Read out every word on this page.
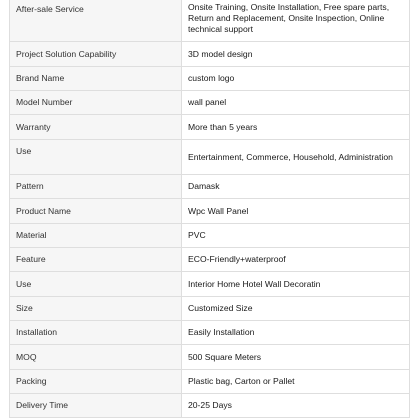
After-sale Service	Onsite Training, Onsite Installation, Free spare parts, Return and Replacement, Onsite Inspection, Online technical support
Project Solution Capability	3D model design
Brand Name	custom logo
Model Number	wall panel
Warranty	More than 5 years
Use	Entertainment, Commerce, Household, Administration
Pattern	Damask
Product Name	Wpc Wall Panel
Material	PVC
Feature	ECO-Friendly+waterproof
Use	Interior Home Hotel Wall Decoratin
Size	Customized Size
Installation	Easily Installation
MOQ	500 Square Meters
Packing	Plastic bag, Carton or Pallet
Delivery Time	20-25 Days
